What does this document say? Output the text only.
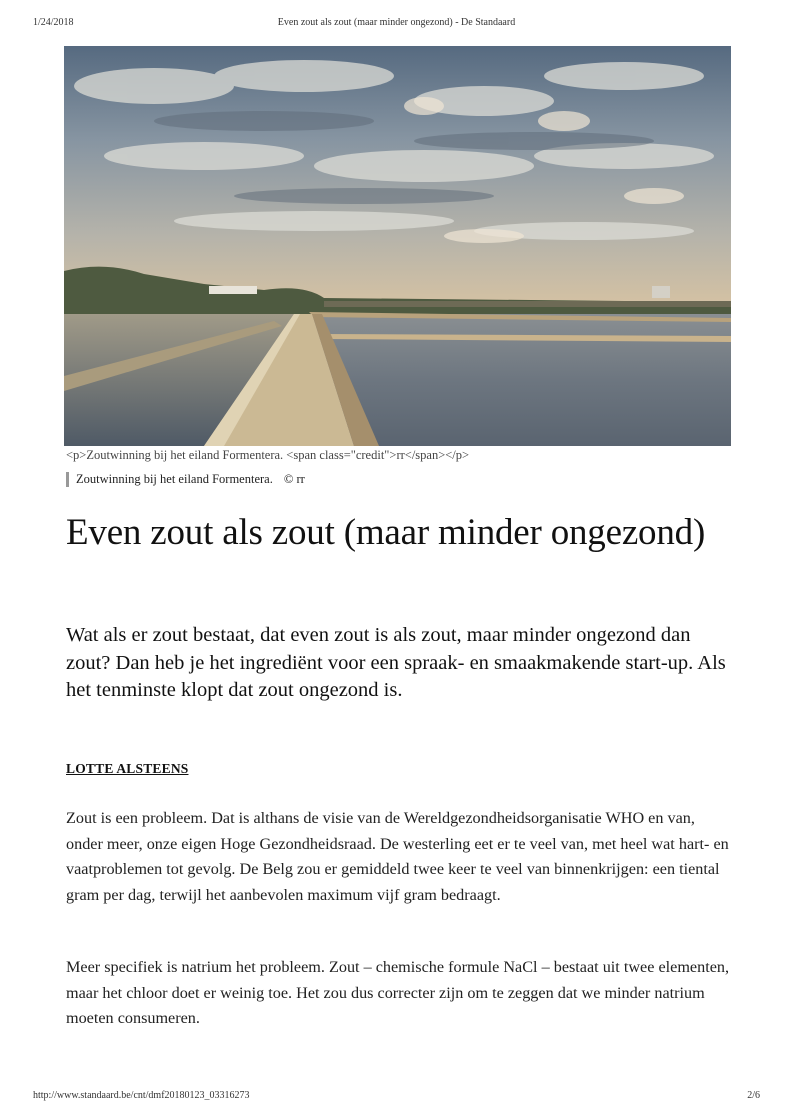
1/24/2018	Even zout als zout (maar minder ongezond) - De Standaard

<p>Zoutwinning bij het eiland Formentera. <span class="credit">rr</span></p>

Zoutwinning bij het eiland Formentera. © rr
Even zout als zout (maar minder ongezond)

Wat als er zout bestaat, dat even zout is als zout, maar minder ongezond dan zout? Dan heb je het ingrediënt voor een spraak- en smaakmakende start-up. Als het tenminste klopt dat zout ongezond is.

LOTTE ALSTEENS

Zout is een probleem. Dat is althans de visie van de Wereldgezondheidsorganisatie WHO en van, onder meer, onze eigen Hoge Gezondheidsraad. De westerling eet er te veel van, met heel wat hart- en vaatproblemen tot gevolg. De Belg zou er gemiddeld twee keer te veel van binnenkrijgen: een tiental gram per dag, terwijl het aanbevolen maximum vijf gram bedraagt.

Meer specifiek is natrium het probleem. Zout – chemische formule NaCl – bestaat uit twee elementen, maar het chloor doet er weinig toe. Het zou dus correcter zijn om te zeggen dat we minder natrium moeten consumeren.

http://www.standaard.be/cnt/dmf20180123_03316273	2/6
